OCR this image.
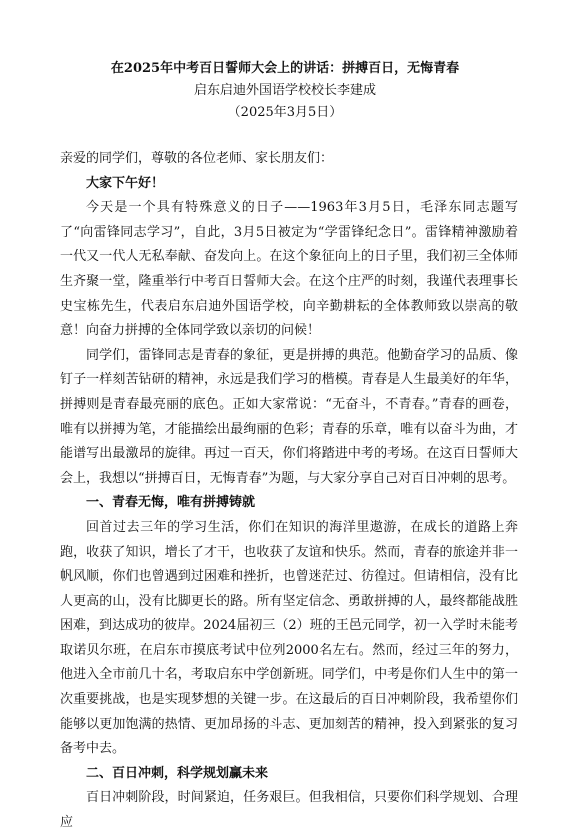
在2025年中考百日誓师大会上的讲话：拼搏百日，无悔青春
启东启迪外国语学校校长李建成
（2025年3月5日）

亲爱的同学们，尊敬的各位老师、家长朋友们：

大家下午好！

今天是一个具有特殊意义的日子——1963年3月5日，毛泽东同志题写了“向雷锋同志学习”，自此，3月5日被定为“学雷锋纪念日”。雷锋精神激励着一代又一代人无私奉献、奋发向上。在这个象征向上的日子里，我们初三全体师生齐聚一堂，隆重举行中考百日誓师大会。在这个庄严的时刻，我谨代表理事长史宝栋先生，代表启东启迪外国语学校，向辛勤耕耘的全体教师致以崇高的敬意！向奋力拼搏的全体同学致以亲切的问候！

同学们，雷锋同志是青春的象征，更是拼搏的典范。他勤奋学习的品质、像钉子一样刻苦钻研的精神，永远是我们学习的楷模。青春是人生最美好的年华，拼搏则是青春最亮丽的底色。正如大家常说：“无奋斗，不青春。”青春的画卷，唯有以拼搏为笔，才能描绘出最绚丽的色彩；青春的乐章，唯有以奋斗为曲，才能谱写出最激昂的旋律。再过一百天，你们将踏进中考的考场。在这百日誓师大会上，我想以“拼搏百日，无悔青春”为题，与大家分享自己对百日冲刺的思考。

一、青春无悔，唯有拼搏铸就

回首过去三年的学习生活，你们在知识的海洋里遨游，在成长的道路上奔跑，收获了知识，增长了才干，也收获了友谊和快乐。然而，青春的旅途并非一帆风顺，你们也曾遇到过困难和挫折，也曾迷茫过、彷徨过。但请相信，没有比人更高的山，没有比脚更长的路。所有坚定信念、勇敢拼搏的人，最终都能战胜困难，到达成功的彼岸。2024届初三（2）班的王邑元同学，初一入学时未能考取诺贝尔班，在启东市摸底考试中位列2000名左右。然而，经过三年的努力，他进入全市前几十名，考取启东中学创新班。同学们，中考是你们人生中的第一次重要挑战，也是实现梦想的关键一步。在这最后的百日冲刺阶段，我希望你们能够以更加饱满的热情、更加昂扬的斗志、更加刻苦的精神，投入到紧张的复习备考中去。

二、百日冲刺，科学规划赢未来

百日冲刺阶段，时间紧迫，任务艰巨。但我相信，只要你们科学规划、合理应
